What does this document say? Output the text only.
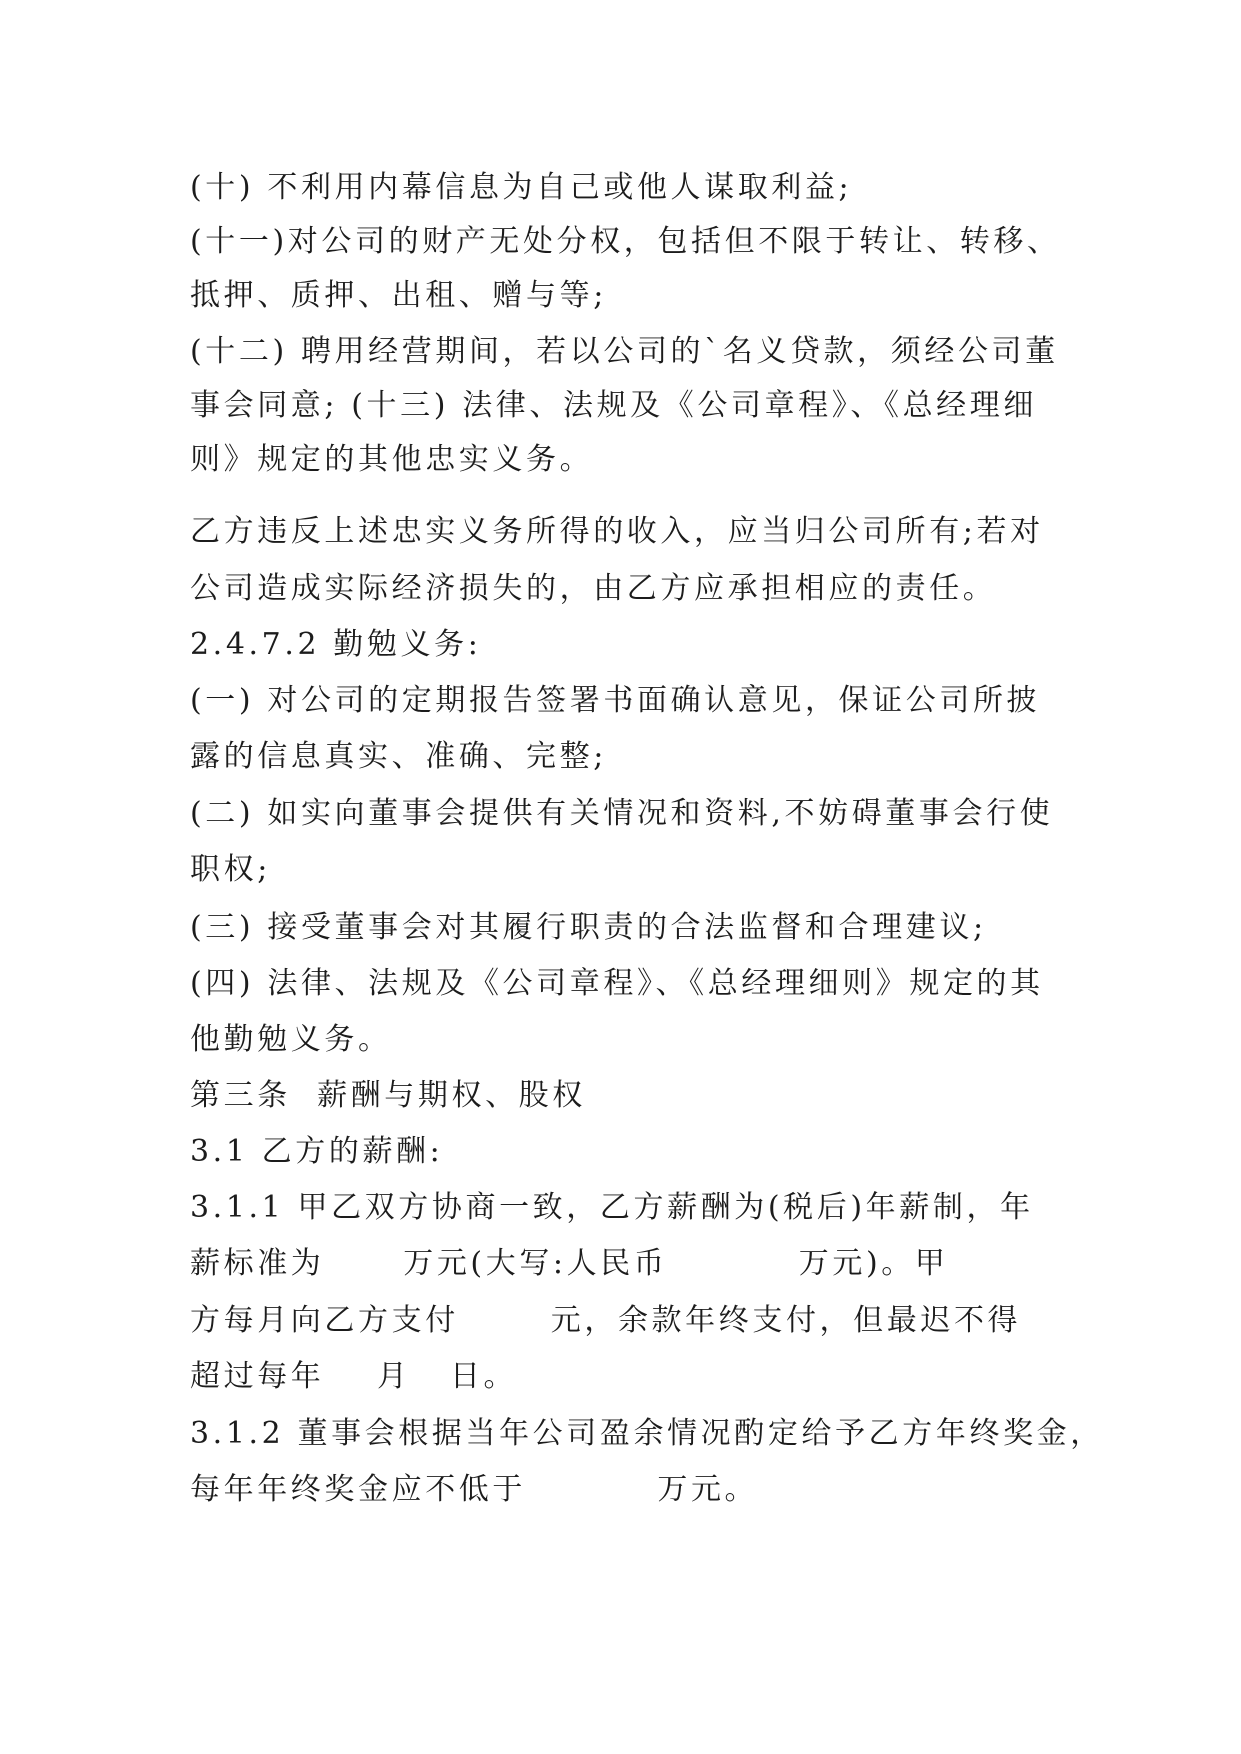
(十) 不利用内幕信息为自己或他人谋取利益;
(十一)对公司的财产无处分权，包括但不限于转让、转移、
抵押、质押、出租、赠与等;
(十二) 聘用经营期间，若以公司的`名义贷款，须经公司董
事会同意; (十三) 法律、法规及《公司章程》、《总经理细
则》规定的其他忠实义务。
乙方违反上述忠实义务所得的收入，应当归公司所有;若对
公司造成实际经济损失的，由乙方应承担相应的责任。
2.4.7.2 勤勉义务:
(一) 对公司的定期报告签署书面确认意见，保证公司所披
露的信息真实、准确、完整;
(二) 如实向董事会提供有关情况和资料,不妨碍董事会行使
职权;
(三) 接受董事会对其履行职责的合法监督和合理建议;
(四) 法律、法规及《公司章程》、《总经理细则》规定的其
他勤勉义务。
第三条  薪酬与期权、股权
3.1 乙方的薪酬:
3.1.1 甲乙双方协商一致，乙方薪酬为(税后)年薪制，年
薪标准为      万元(大写:人民币          万元)。甲
方每月向乙方支付       元，余款年终支付，但最迟不得
超过每年    月   日。
3.1.2 董事会根据当年公司盈余情况酌定给予乙方年终奖金，
每年年终奖金应不低于          万元。
